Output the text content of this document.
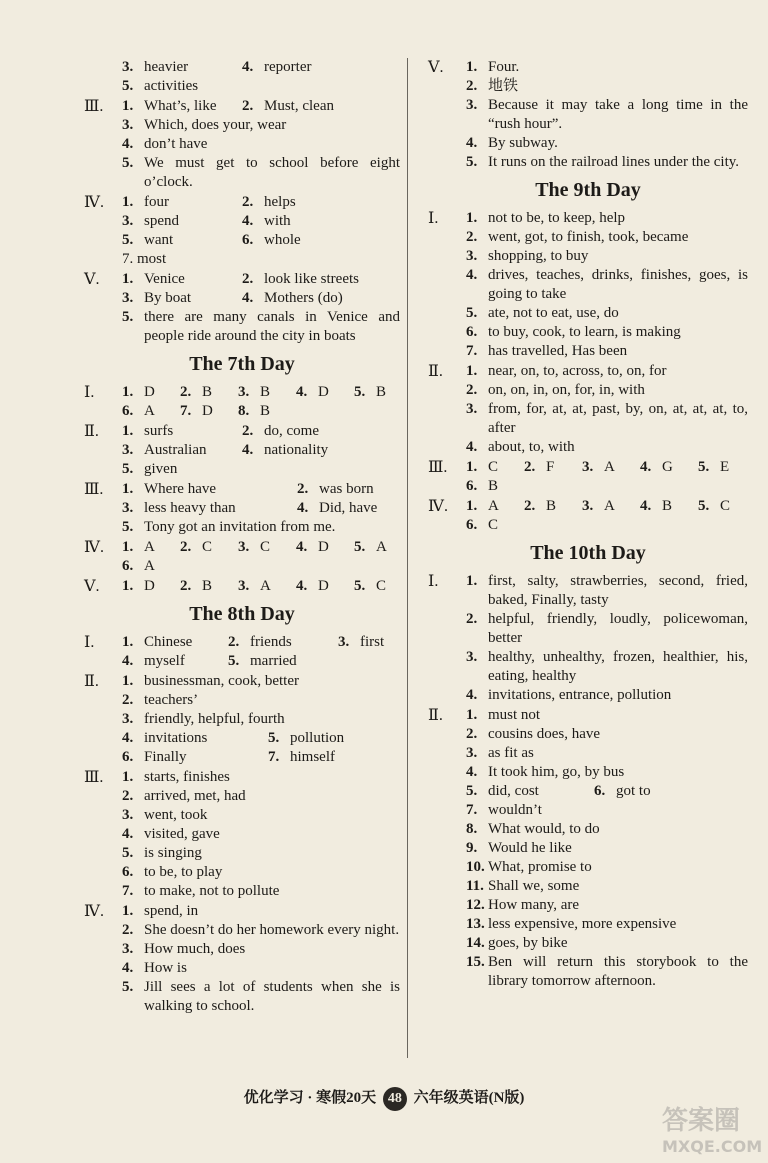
3. heavier	4. reporter
5. activities
Ⅲ.	1. What’s, like 2. Must, clean
3. Which, does your, wear
4. don’t have
5. We must get to school before eight o’clock.
Ⅳ.	1. four	2. helps
3. spend	4. with
5. want	6. whole
7. most
Ⅴ.	1. Venice	2. look like streets
3. By boat	4. Mothers (do)
5. there are many canals in Venice and people ride around the city in boats
The 7th Day
Ⅰ.	1. D 2. B 3. B 4. D 5. B
6. A 7. D 8. B
Ⅱ.	1. surfs	2. do, come
3. Australian 4. nationality
5. given
Ⅲ.	1. Where have	2. was born
3. less heavy than	4. Did, have
5. Tony got an invitation from me.
Ⅳ.	1. A 2. C 3. C 4. D 5. A
6. A
Ⅴ.	1. D 2. B 3. A 4. D 5. C
The 8th Day
Ⅰ.	1. Chinese 2. friends	3. first
4. myself	5. married
Ⅱ.	1. businessman, cook, better
2. teachers’
3. friendly, helpful, fourth
4. invitations	5. pollution
6. Finally	7. himself
Ⅲ.	1. starts, finishes
2. arrived, met, had
3. went, took
4. visited, gave
5. is singing
6. to be, to play
7. to make, not to pollute
Ⅳ.	1. spend, in
2. She doesn’t do her homework every night.
3. How much, does
4. How is
5. Jill sees a lot of students when she is walking to school.
Ⅴ.	1. Four.
2. 地铁
3. Because it may take a long time in the “rush hour”.
4. By subway.
5. It runs on the railroad lines under the city.
The 9th Day
Ⅰ.	1. not to be, to keep, help
2. went, got, to finish, took, became
3. shopping, to buy
4. drives, teaches, drinks, finishes, goes, is going to take
5. ate, not to eat, use, do
6. to buy, cook, to learn, is making
7. has travelled, Has been
Ⅱ.	1. near, on, to, across, to, on, for
2. on, on, in, on, for, in, with
3. from, for, at, at, past, by, on, at, at, at, to, after
4. about, to, with
Ⅲ.	1. C 2. F 3. A 4. G 5. E
6. B
Ⅳ.	1. A 2. B 3. A 4. B 5. C
6. C
The 10th Day
Ⅰ.	1. first, salty, strawberries, second, fried, baked, Finally, tasty
2. helpful, friendly, loudly, policewoman, better
3. healthy, unhealthy, frozen, healthier, his, eating, healthy
4. invitations, entrance, pollution
Ⅱ.	1. must not
2. cousins does, have
3. as fit as
4. It took him, go, by bus
5. did, cost	6. got to
7. wouldn’t
8. What would, to do
9. Would he like
10. What, promise to
11. Shall we, some
12. How many, are
13. less expensive, more expensive
14. goes, by bike
15. Ben will return this storybook to the library tomorrow afternoon.
优化学习 · 寒假20天 48 六年级英语(N版)
答案圈
MXQE.COM
